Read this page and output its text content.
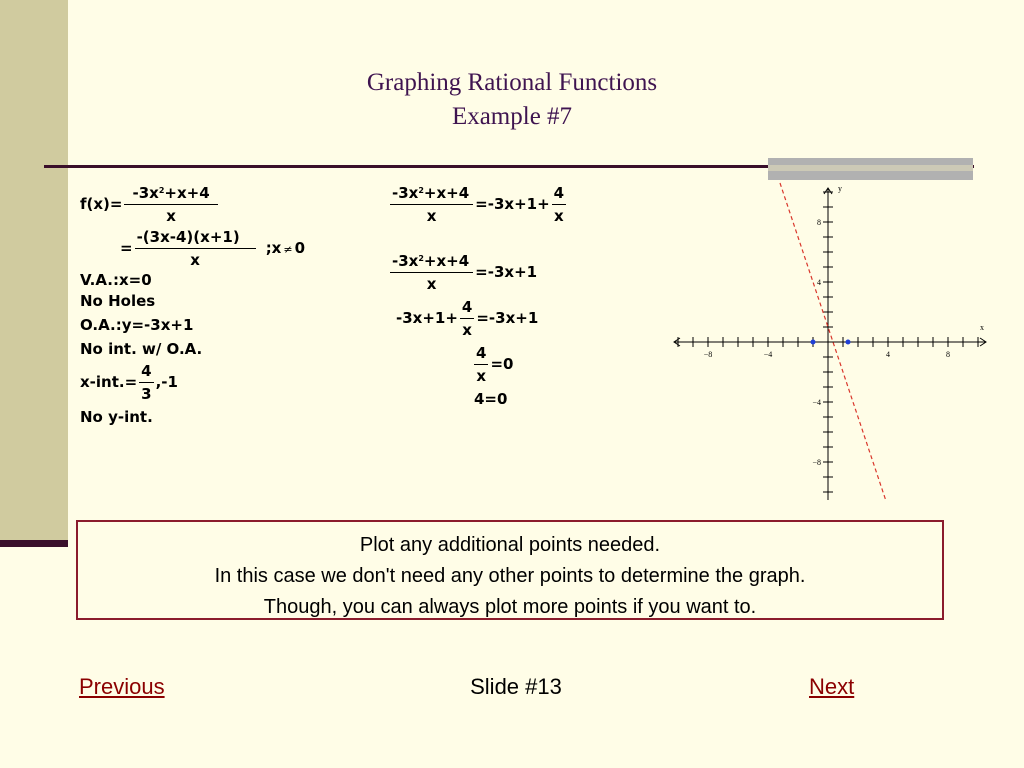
Graphing Rational Functions
Example #7
$f(x)= \frac{-3x^2+x+4}{x}$
= $\frac{-(3x-4)(x+1)}{x}$ ;x ≠ 0
V.A.:x=0
No Holes
O.A.:y=-3x+1
No int. w/ O.A.
$x-int.= \frac{4}{3} ,-1$
No y-int.
$\frac{-3x^2+x+4}{x} =-3x+1+ \frac{4}{x}$
$\frac{-3x^2+x+4}{x} =-3x+1$
$-3x+1+ \frac{4}{x} =-3x+1$
$\frac{4}{x} =0$
4=0
−8	−4	4	8
8
4
−4
−8
x
y
Plot any additional points needed.
In this case we don't need any other points to determine the graph.
Though, you can always plot more points if you want to.
Previous	Slide #13	Next
